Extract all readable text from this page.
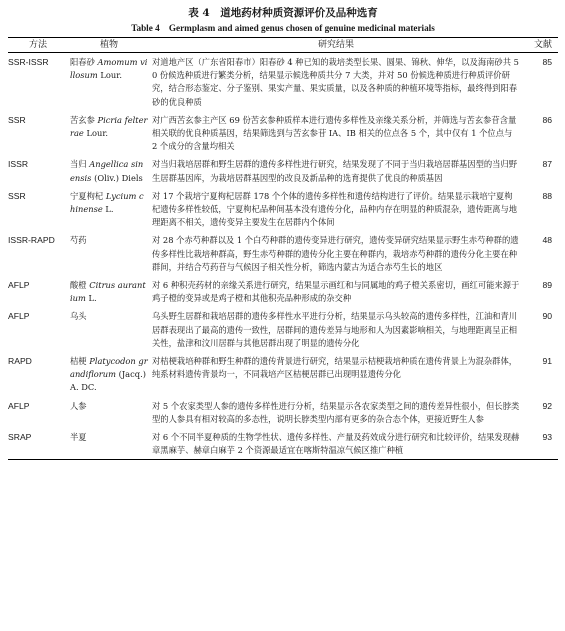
表 4　道地药材种质资源评价及品种选育
Table 4　Germplasm and aimed genus chosen of genuine medicinal materials
方法	植物	研究结果	文献
SSR-ISSR	阳春砂 Amomum villosum Lour.	对道地产区（广东省阳春市）阳春砂 4 种已知的栽培类型长果、圆果、锦秋、伸华，以及海南砂共 50 份候选种质进行繁类分析，结果显示候选种质共分 7 大类，并对 50 份候选种质进行种质评价研究，结合形态鉴定、分子鉴别、果实产量、果实质量，以及各种质的种植环境等指标，最终得到阳春砂的优良种质	85
SSR	苦玄参 Picria felterrae Lour.	对广西苦玄参主产区 69 份苦玄参种质样本进行遗传多样性及亲缘关系分析，并筛选与苦玄参苷含量相关联的优良种质基因，结果筛选到与苦玄参苷 IA、IB 相关的位点各 5 个，其中仅有 1 个位点与 2 个成分的含量均相关	86
ISSR	当归 Angellica sinensis (Oliv.) Diels	对当归栽培居群和野生居群的遗传多样性进行研究，结果发现了不同于当归栽培居群基因型的当归野生居群基因库，为栽培居群基因型的改良及新品种的选育提供了优良的种质基因	87
SSR	宁夏枸杞 Lycium chinense L.	对 17 个栽培宁夏枸杞居群 178 个个体的遗传多样性和遗传结构进行了评价。结果显示栽培宁夏枸杞遗传多样性较低，宁夏枸杞品种间基本没有遗传分化，品种内存在明显的种质混杂，遗传距离与地理距离不相关，遗传变异主要发生在居群内个体间	88
ISSR-RAPD	芍药	对 28 个赤芍种群以及 1 个白芍种群的遗传变异进行研究，遗传变异研究结果显示野生赤芍种群的遗传多样性比栽培种群高，野生赤芍种群的遗传分化主要在种群内，栽培赤芍种群的遗传分化主要在种群间，并结合芍药苷与气候因子相关性分析，筛选内蒙古为适合赤芍生长的地区	48
AFLP	酸橙 Citrus aurantium L.	对 6 种积壳药材的亲缘关系进行研究，结果显示画红和与同属地的鸡子橙关系密切，画红可能来源于鸡子橙的变异或是鸡子橙和其他积壳品种形成的杂交种	89
AFLP	乌头	乌头野生居群和栽培居群的遗传多样性水平进行分析，结果显示乌头较高的遗传多样性，江油和青川居群表现出了最高的遗传一致性，居群间的遗传差异与地形和人为因素影响相关，与地理距离呈正相关性，盐津和汶川居群与其他居群出现了明显的遗传分化	90
RAPD	桔梗 Platycodon grandiflorum (Jacq.) A. DC.	对桔梗栽培种群和野生种群的遗传背景进行研究，结果显示桔梗栽培种质在遗传背景上为混杂群体，纯系材料遗传背景均一，不同栽培产区桔梗居群已出现明显遗传分化	91
AFLP	人参	对 5 个农家类型人参的遗传多样性进行分析，结果显示各农家类型之间的遗传差异性很小，但长脖类型的人参具有相对较高的多态性，说明长脖类型内部有更多的杂合态个体，更接近野生人参	92
SRAP	半夏	对 6 个不同半夏种质的生物学性状、遗传多样性、产量及药效成分进行研究和比较评价，结果发现赫章黑麻芋、赫章白麻芋 2 个资源最适宜在喀斯特温凉气候区推广种植	93
